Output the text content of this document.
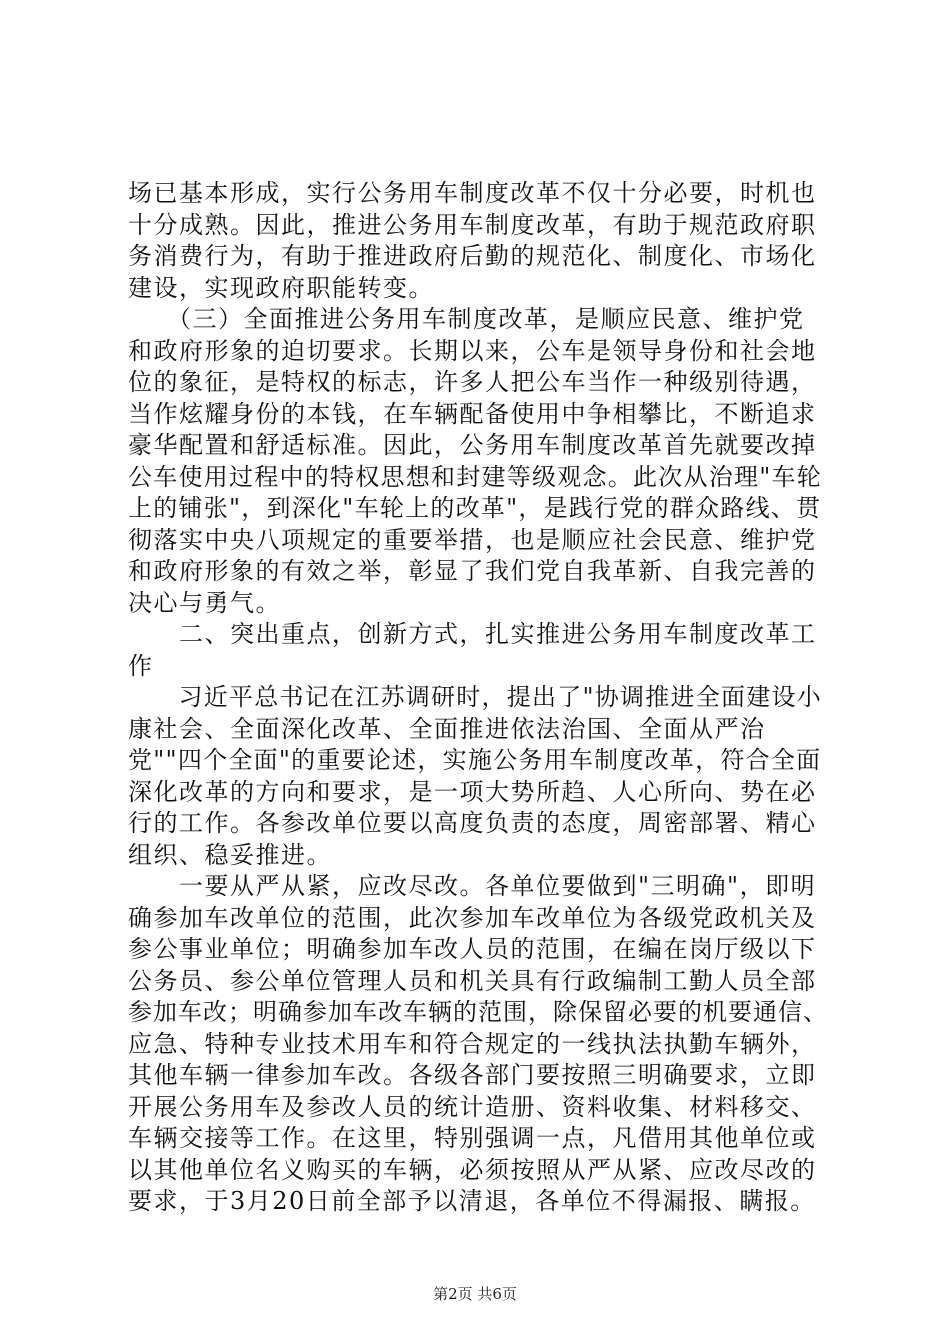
场已基本形成，实行公务用车制度改革不仅十分必要，时机也
十分成熟。因此，推进公务用车制度改革，有助于规范政府职
务消费行为，有助于推进政府后勤的规范化、制度化、市场化
建设，实现政府职能转变。
　　（三）全面推进公务用车制度改革，是顺应民意、维护党
和政府形象的迫切要求。长期以来，公车是领导身份和社会地
位的象征，是特权的标志，许多人把公车当作一种级别待遇，
当作炫耀身份的本钱，在车辆配备使用中争相攀比，不断追求
豪华配置和舒适标准。因此，公务用车制度改革首先就要改掉
公车使用过程中的特权思想和封建等级观念。此次从治理"车轮
上的铺张"，到深化"车轮上的改革"，是践行党的群众路线、贯
彻落实中央八项规定的重要举措，也是顺应社会民意、维护党
和政府形象的有效之举，彰显了我们党自我革新、自我完善的
决心与勇气。
　　二、突出重点，创新方式，扎实推进公务用车制度改革工
作
　　习近平总书记在江苏调研时，提出了"协调推进全面建设小
康社会、全面深化改革、全面推进依法治国、全面从严治
党""四个全面"的重要论述，实施公务用车制度改革，符合全面
深化改革的方向和要求，是一项大势所趋、人心所向、势在必
行的工作。各参改单位要以高度负责的态度，周密部署、精心
组织、稳妥推进。
　　一要从严从紧，应改尽改。各单位要做到"三明确"，即明
确参加车改单位的范围，此次参加车改单位为各级党政机关及
参公事业单位；明确参加车改人员的范围，在编在岗厅级以下
公务员、参公单位管理人员和机关具有行政编制工勤人员全部
参加车改；明确参加车改车辆的范围，除保留必要的机要通信、
应急、特种专业技术用车和符合规定的一线执法执勤车辆外，
其他车辆一律参加车改。各级各部门要按照三明确要求，立即
开展公务用车及参改人员的统计造册、资料收集、材料移交、
车辆交接等工作。在这里，特别强调一点，凡借用其他单位或
以其他单位名义购买的车辆，必须按照从严从紧、应改尽改的
要求，于3月20日前全部予以清退，各单位不得漏报、瞒报。
第2页 共6页
